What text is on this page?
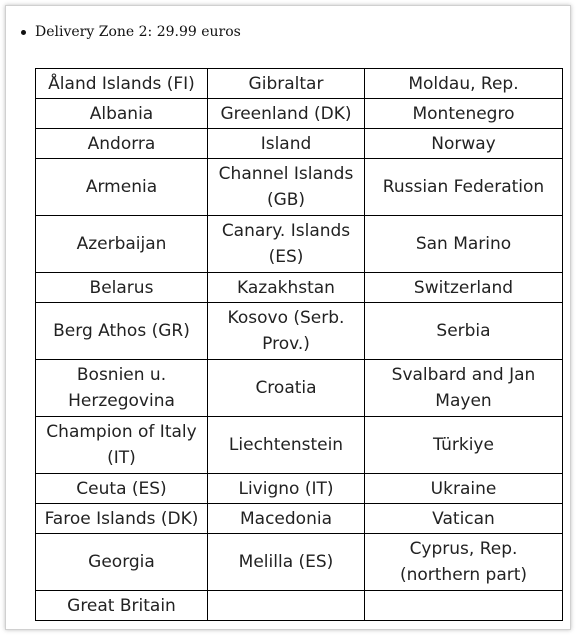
Delivery Zone 2: 29.99 euros
Åland Islands (FI)	Gibraltar	Moldau, Rep.
Albania	Greenland (DK)	Montenegro
Andorra	Island	Norway
Armenia	Channel Islands (GB)	Russian Federation
Azerbaijan	Canary. Islands (ES)	San Marino
Belarus	Kazakhstan	Switzerland
Berg Athos (GR)	Kosovo (Serb. Prov.)	Serbia
Bosnien u. Herzegovina	Croatia	Svalbard and Jan Mayen
Champion of Italy (IT)	Liechtenstein	Türkiye
Ceuta (ES)	Livigno (IT)	Ukraine
Faroe Islands (DK)	Macedonia	Vatican
Georgia	Melilla (ES)	Cyprus, Rep. (northern part)
Great Britain		
